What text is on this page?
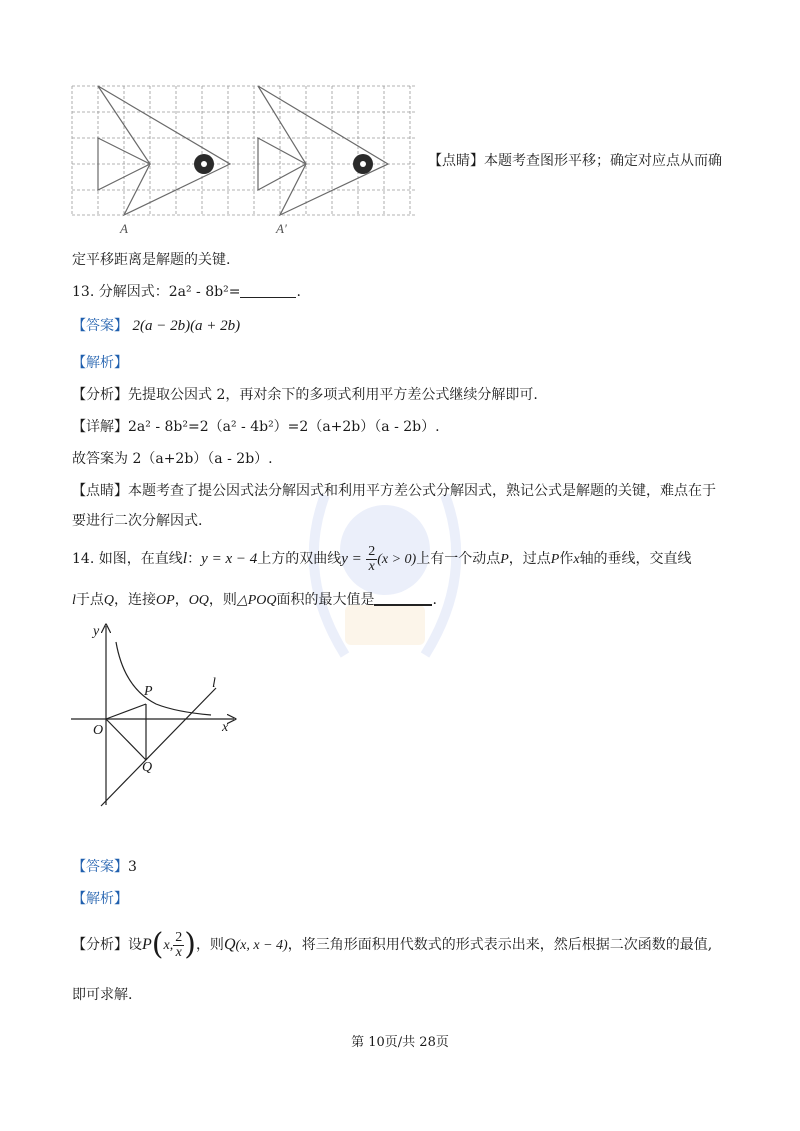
A	A′
【点睛】本题考查图形平移；确定对应点从而确
定平移距离是解题的关键.
13. 分解因式：2a² - 8b²=	.
【答案】 2(a − 2b)(a + 2b)
【解析】
【分析】先提取公因式 2，再对余下的多项式利用平方差公式继续分解即可.
【详解】2a² - 8b²=2（a² - 4b²）=2（a+2b）（a - 2b）.
故答案为 2（a+2b）（a - 2b）.
【点睛】本题考查了提公因式法分解因式和利用平方差公式分解因式，熟记公式是解题的关键，难点在于
要进行二次分解因式.
14. 如图，在直线l：y = x − 4上方的双曲线$y = \frac{2}{x} (x > 0)$上有一个动点P，过点P作x轴的垂线，交直线
l于点Q，连接OP，OQ，则△POQ面积的最大值是	.
y
x
O
P
Q
l
【答案】3
【解析】
【分析】设P(x, $\frac{2}{x}$ )，则Q(x, x − 4)，将三角形面积用代数式的形式表示出来，然后根据二次函数的最值,
即可求解.
第 10页/共 28页
